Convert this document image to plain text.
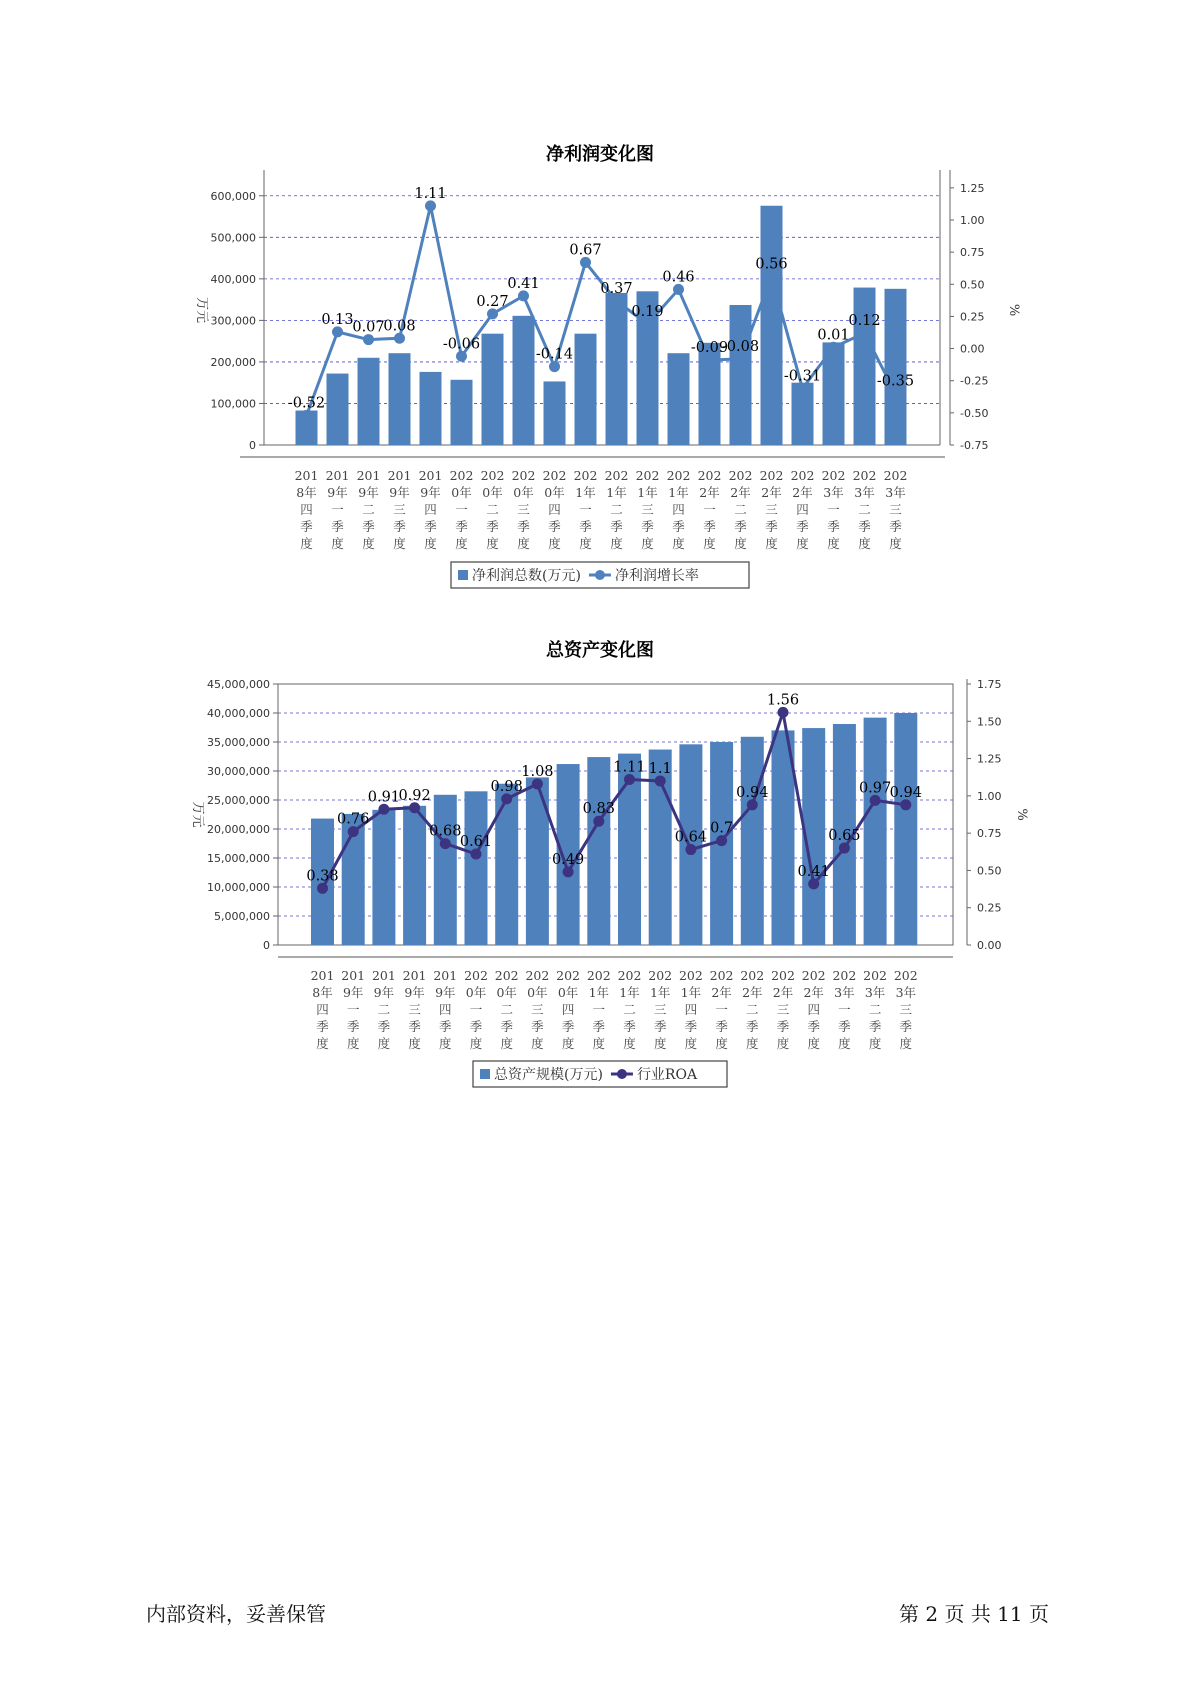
净利润变化图
0
100,000
200,000
300,000
400,000
500,000
600,000
万元
-0.75
-0.50
-0.25
0.00
0.25
0.50
0.75
1.00
1.25
%
-0.52
0.13
0.07
0.08
1.11
-0.06
0.27
0.41
-0.14
0.67
0.37
0.19
0.46
-0.09
-0.08
0.56
-0.31
0.01
0.12
-0.35
201
8年
四
季
度
201
9年
一
季
度
201
9年
二
季
度
201
9年
三
季
度
201
9年
四
季
度
202
0年
一
季
度
202
0年
二
季
度
202
0年
三
季
度
202
0年
四
季
度
202
1年
一
季
度
202
1年
二
季
度
202
1年
三
季
度
202
1年
四
季
度
202
2年
一
季
度
202
2年
二
季
度
202
2年
三
季
度
202
2年
四
季
度
202
3年
一
季
度
202
3年
二
季
度
202
3年
三
季
度
净利润总数(万元) 净利润增长率
总资产变化图
0
5,000,000
10,000,000
15,000,000
20,000,000
25,000,000
30,000,000
35,000,000
40,000,000
45,000,000
万元
0.00
0.25
0.50
0.75
1.00
1.25
1.50
1.75
%
0.38
0.76
0.91
0.92
0.68
0.61
0.98
1.08
0.49
0.83
1.11 1.1
0.64
0.7
0.94
1.56
0.41
0.65
0.97
0.94
201
8年
四
季
度
201
9年
一
季
度
201
9年
二
季
度
201
9年
三
季
度
201
9年
四
季
度
202
0年
一
季
度
202
0年
二
季
度
202
0年
三
季
度
202
0年
四
季
度
202
1年
一
季
度
202
1年
二
季
度
202
1年
三
季
度
202
1年
四
季
度
202
2年
一
季
度
202
2年
二
季
度
202
2年
三
季
度
202
2年
四
季
度
202
3年
一
季
度
202
3年
二
季
度
202
3年
三
季
度
总资产规模(万元) 行业ROA
内部资料，妥善保管	第 2 页 共 11 页
